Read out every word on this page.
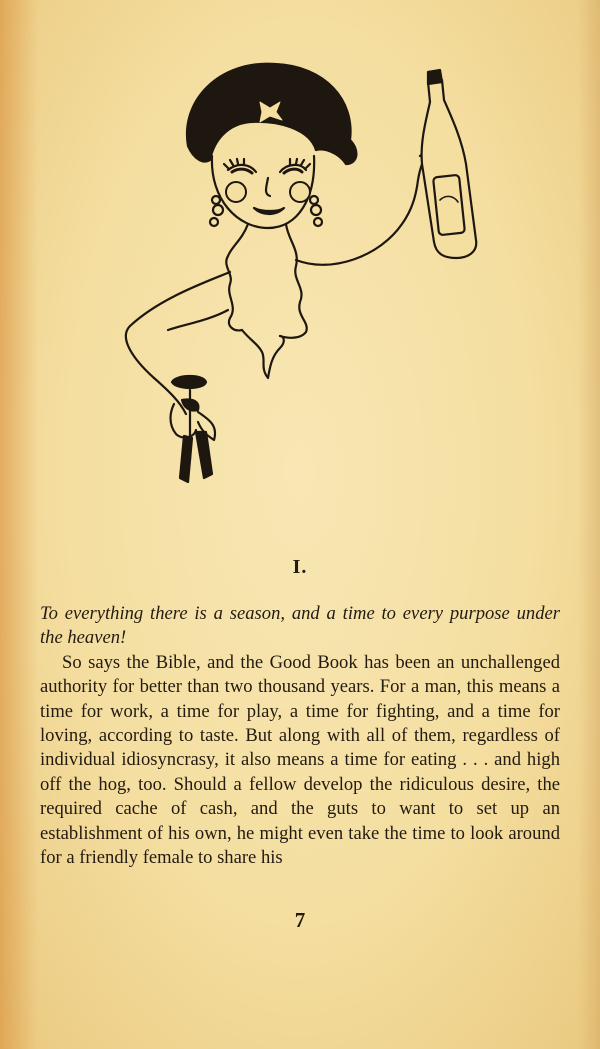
I.

To everything there is a season, and a time to every purpose under the heaven!

So says the Bible, and the Good Book has been an unchallenged authority for better than two thousand years. For a man, this means a time for work, a time for play, a time for fighting, and a time for loving, according to taste. But along with all of them, regardless of individual idiosyncrasy, it also means a time for eating . . . and high off the hog, too. Should a fellow develop the ridiculous desire, the required cache of cash, and the guts to want to set up an establishment of his own, he might even take the time to look around for a friendly female to share his

7
